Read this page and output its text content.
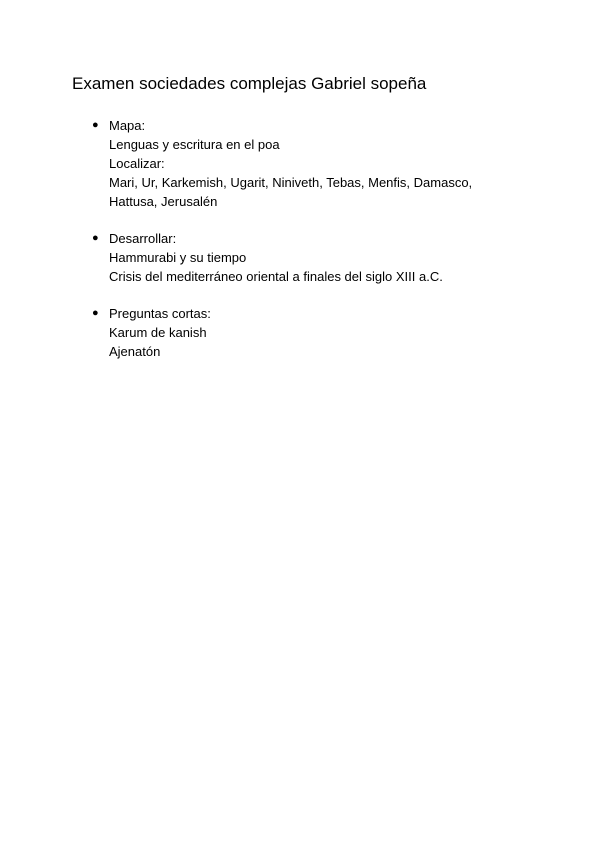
Examen sociedades complejas Gabriel sopeña
● Mapa:
Lenguas y escritura en el poa
Localizar:
Mari, Ur, Karkemish, Ugarit, Niniveth, Tebas, Menfis, Damasco,
Hattusa, Jerusalén
● Desarrollar:
Hammurabi y su tiempo
Crisis del mediterráneo oriental a finales del siglo XIII a.C.
● Preguntas cortas:
Karum de kanish
Ajenatón
